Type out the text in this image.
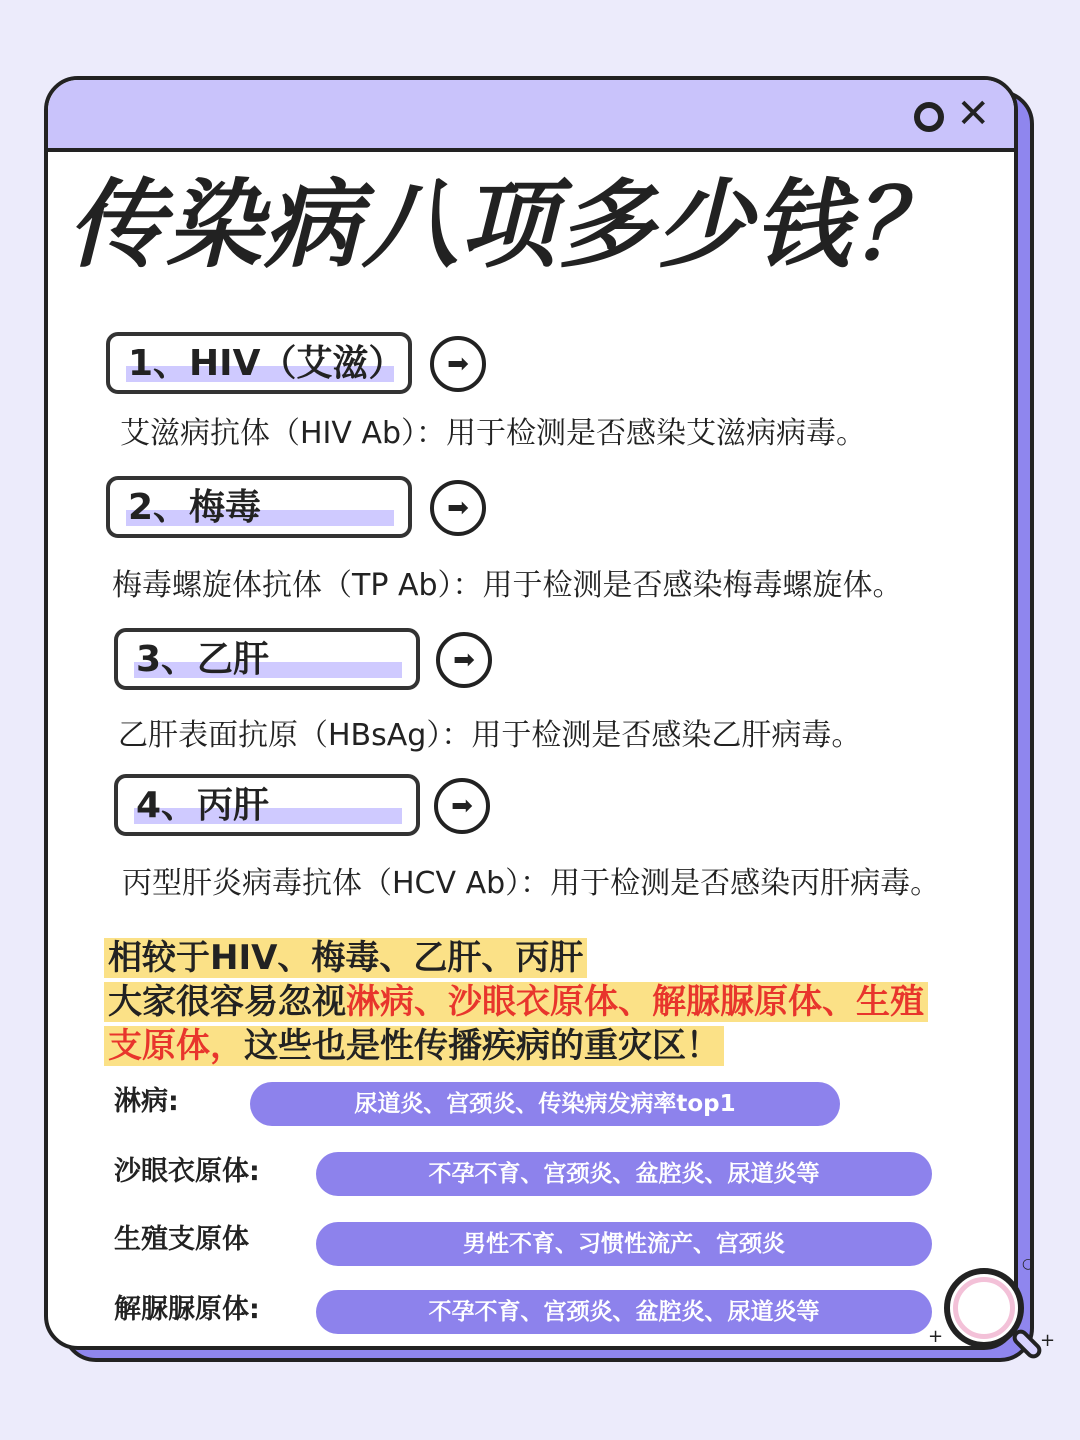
✕
传染病八项多少钱？
1、HIV（艾滋）	➡
艾滋病抗体（HIV Ab）：用于检测是否感染艾滋病病毒。
2、梅毒	➡
梅毒螺旋体抗体（TP Ab）：用于检测是否感染梅毒螺旋体。
3、乙肝	➡
乙肝表面抗原（HBsAg）：用于检测是否感染乙肝病毒。
4、丙肝	➡
丙型肝炎病毒抗体（HCV Ab）：用于检测是否感染丙肝病毒。
相较于HIV、梅毒、乙肝、丙肝
大家很容易忽视淋病、沙眼衣原体、解脲脲原体、生殖
支原体，这些也是性传播疾病的重灾区！
淋病:	尿道炎、宫颈炎、传染病发病率top1
沙眼衣原体:	不孕不育、宫颈炎、盆腔炎、尿道炎等
生殖支原体	男性不育、习惯性流产、宫颈炎
解脲脲原体:	不孕不育、宫颈炎、盆腔炎、尿道炎等
+	+
○
